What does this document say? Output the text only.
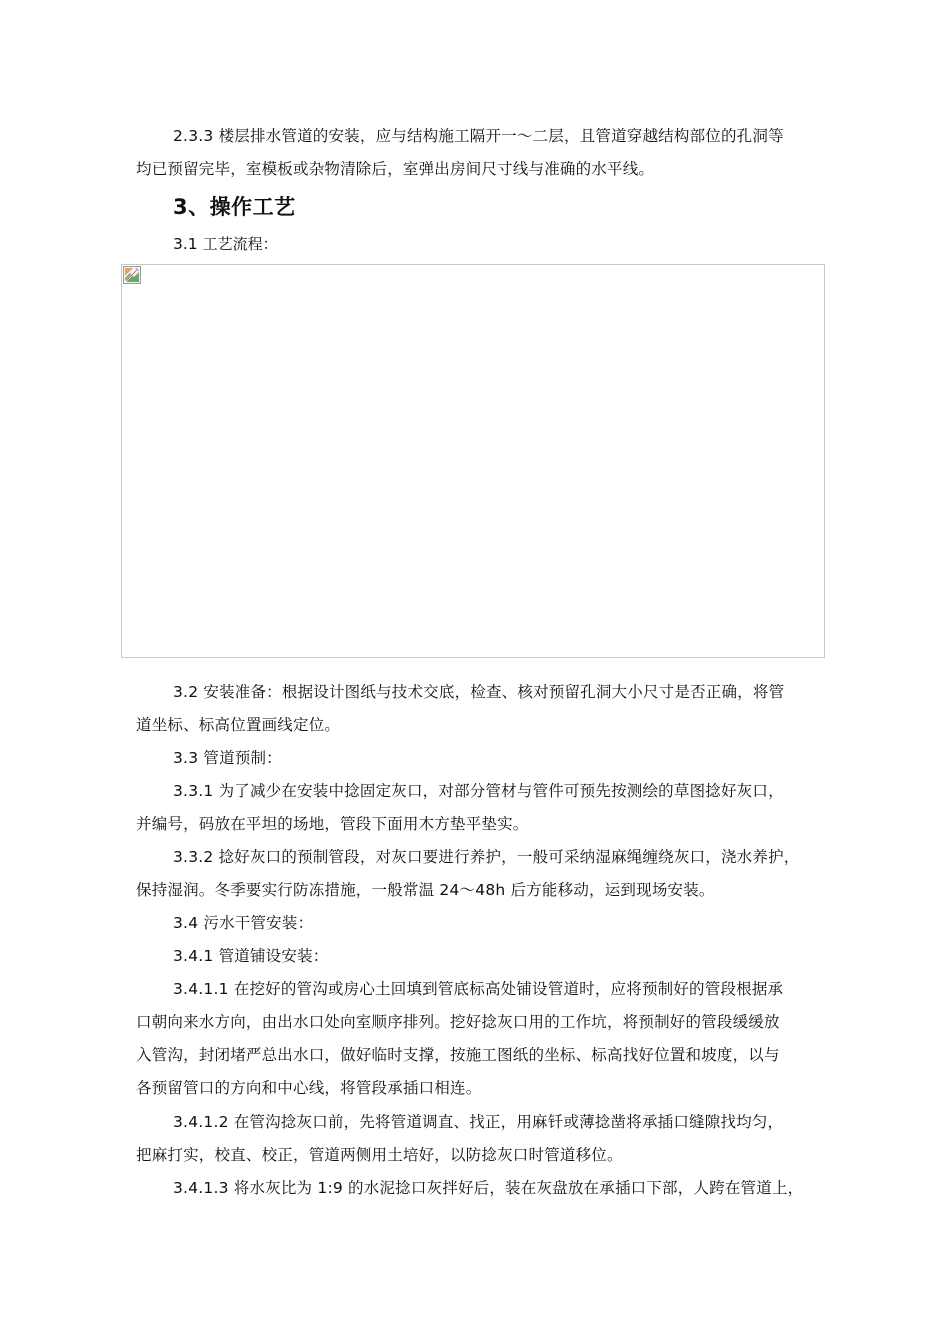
2.3.3 楼层排水管道的安装，应与结构施工隔开一～二层，且管道穿越结构部位的孔洞等
均已预留完毕，室模板或杂物清除后，室弹出房间尺寸线与准确的水平线。
3、操作工艺
3.1 工艺流程：
3.2 安装准备：根据设计图纸与技术交底，检查、核对预留孔洞大小尺寸是否正确，将管
道坐标、标高位置画线定位。
3.3 管道预制：
3.3.1 为了减少在安装中捻固定灰口，对部分管材与管件可预先按测绘的草图捻好灰口，
并编号，码放在平坦的场地，管段下面用木方垫平垫实。
3.3.2 捻好灰口的预制管段，对灰口要进行养护，一般可采纳湿麻绳缠绕灰口，浇水养护，
保持湿润。冬季要实行防冻措施，一般常温 24～48h 后方能移动，运到现场安装。
3.4 污水干管安装：
3.4.1 管道铺设安装：
3.4.1.1 在挖好的管沟或房心土回填到管底标高处铺设管道时，应将预制好的管段根据承
口朝向来水方向，由出水口处向室顺序排列。挖好捻灰口用的工作坑，将预制好的管段缓缓放
入管沟，封闭堵严总出水口，做好临时支撑，按施工图纸的坐标、标高找好位置和坡度，以与
各预留管口的方向和中心线，将管段承插口相连。
3.4.1.2 在管沟捻灰口前，先将管道调直、找正，用麻钎或薄捻凿将承插口缝隙找均匀，
把麻打实，校直、校正，管道两侧用土培好，以防捻灰口时管道移位。
3.4.1.3 将水灰比为 1:9 的水泥捻口灰拌好后，装在灰盘放在承插口下部，人跨在管道上，
